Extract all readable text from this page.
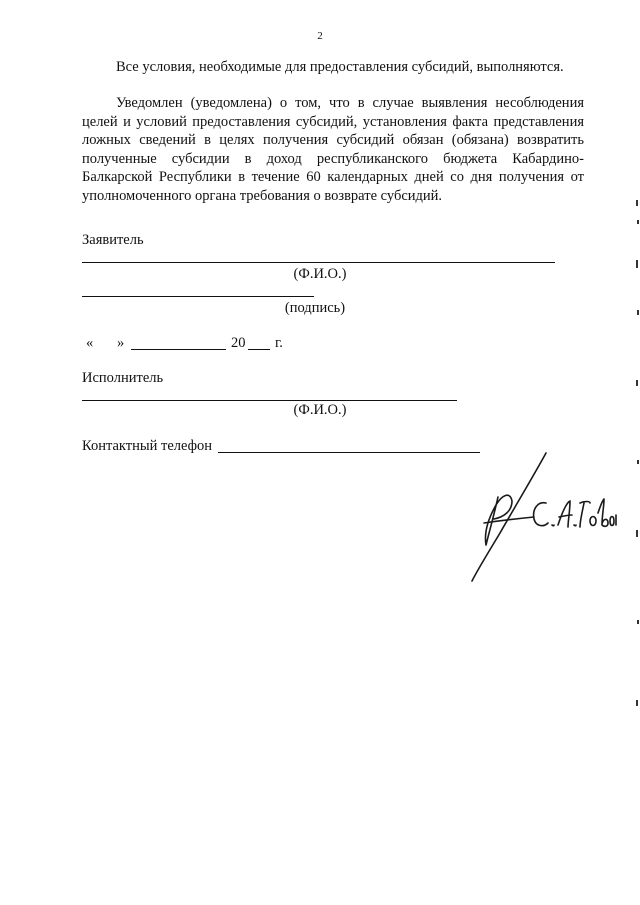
2

Все условия, необходимые для предоставления субсидий, выполняются.

Уведомлен (уведомлена) о том, что в случае выявления несоблюдения целей и условий предоставления субсидий, установления факта представления ложных сведений в целях получения субсидий обязан (обязана) возвратить полученные субсидии в доход республиканского бюджета Кабардино-Балкарской Республики в течение 60 календарных дней со дня получения от уполномоченного органа требования о возврате субсидий.

Заявитель
(Ф.И.О.)
(подпись)
« »	20 г.
Исполнитель
(Ф.И.О.)
Контактный телефон
